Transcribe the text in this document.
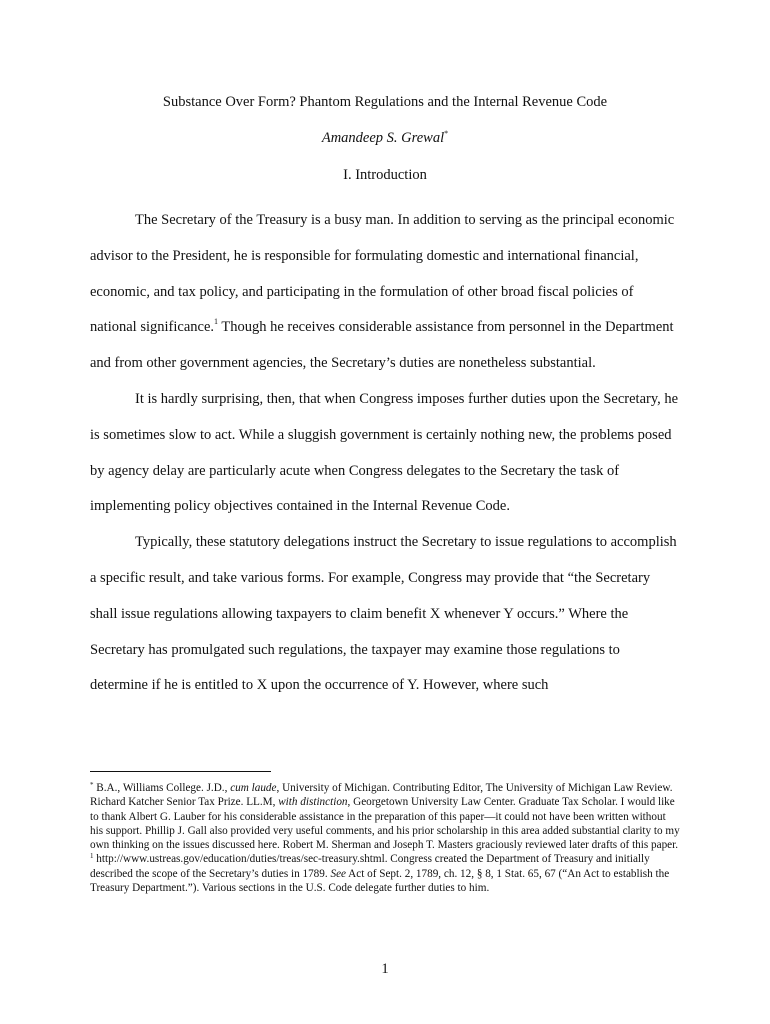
Substance Over Form? Phantom Regulations and the Internal Revenue Code
Amandeep S. Grewal*
I. Introduction

The Secretary of the Treasury is a busy man. In addition to serving as the principal economic advisor to the President, he is responsible for formulating domestic and international financial, economic, and tax policy, and participating in the formulation of other broad fiscal policies of national significance.$^1$ Though he receives considerable assistance from personnel in the Department and from other government agencies, the Secretary’s duties are nonetheless substantial.

It is hardly surprising, then, that when Congress imposes further duties upon the Secretary, he is sometimes slow to act. While a sluggish government is certainly nothing new, the problems posed by agency delay are particularly acute when Congress delegates to the Secretary the task of implementing policy objectives contained in the Internal Revenue Code.

Typically, these statutory delegations instruct the Secretary to issue regulations to accomplish a specific result, and take various forms. For example, Congress may provide that “the Secretary shall issue regulations allowing taxpayers to claim benefit X whenever Y occurs.” Where the Secretary has promulgated such regulations, the taxpayer may examine those regulations to determine if he is entitled to X upon the occurrence of Y. However, where such

* B.A., Williams College. J.D., cum laude, University of Michigan. Contributing Editor, The University of Michigan Law Review. Richard Katcher Senior Tax Prize. LL.M, with distinction, Georgetown University Law Center. Graduate Tax Scholar. I would like to thank Albert G. Lauber for his considerable assistance in the preparation of this paper—it could not have been written without his support. Phillip J. Gall also provided very useful comments, and his prior scholarship in this area added substantial clarity to my own thinking on the issues discussed here. Robert M. Sherman and Joseph T. Masters graciously reviewed later drafts of this paper.

$^1$ http://www.ustreas.gov/education/duties/treas/sec-treasury.shtml. Congress created the Department of Treasury and initially described the scope of the Secretary’s duties in 1789. See Act of Sept. 2, 1789, ch. 12, § 8, 1 Stat. 65, 67 (“An Act to establish the Treasury Department.”). Various sections in the U.S. Code delegate further duties to him.

1
